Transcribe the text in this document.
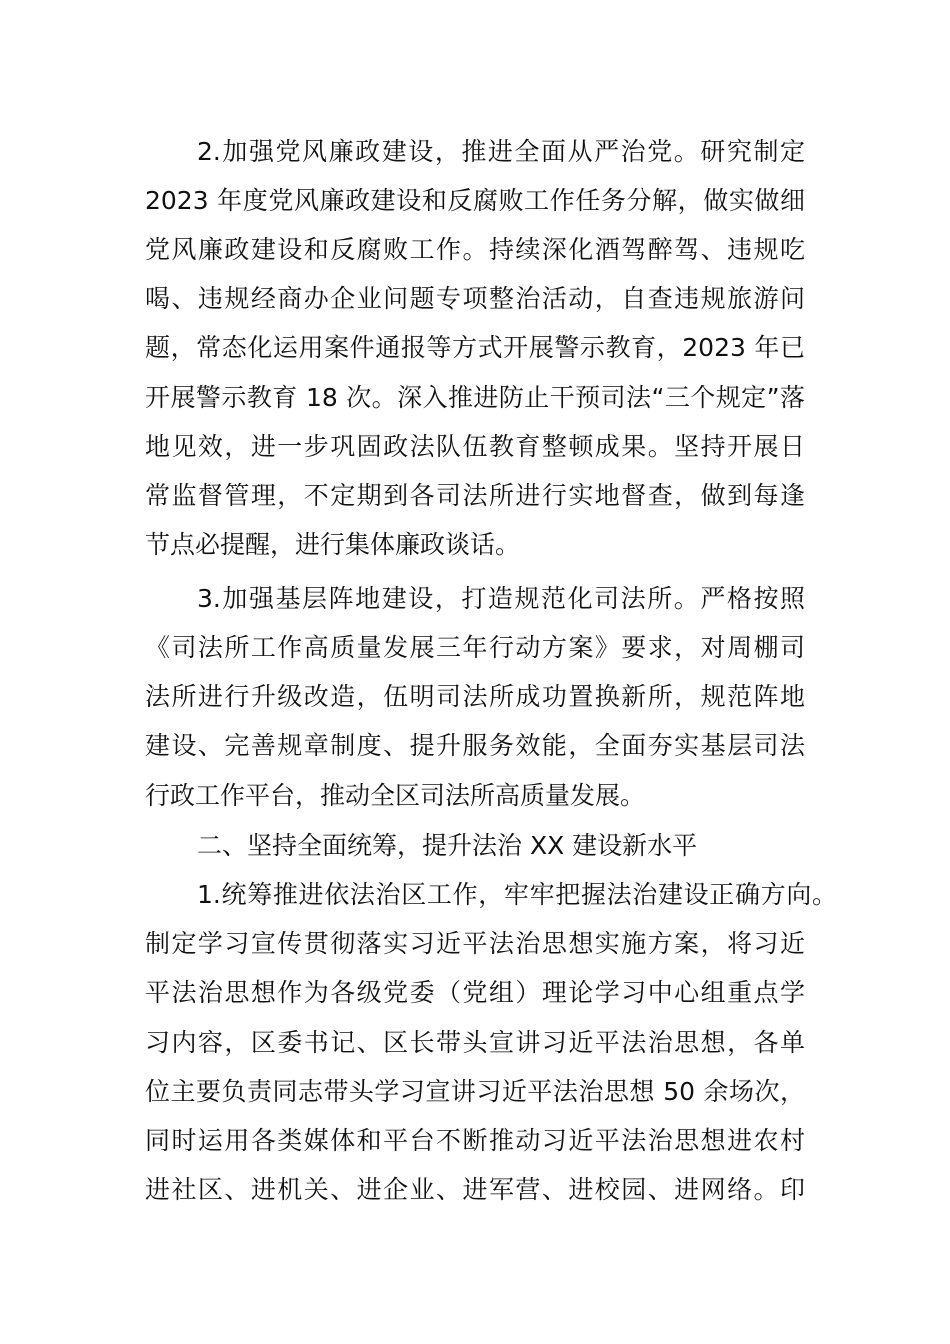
2.加强党风廉政建设，推进全面从严治党。研究制定
2023 年度党风廉政建设和反腐败工作任务分解，做实做细
党风廉政建设和反腐败工作。持续深化酒驾醉驾、违规吃
喝、违规经商办企业问题专项整治活动，自查违规旅游问
题，常态化运用案件通报等方式开展警示教育，2023 年已
开展警示教育 18 次。深入推进防止干预司法“三个规定”落
地见效，进一步巩固政法队伍教育整顿成果。坚持开展日
常监督管理，不定期到各司法所进行实地督查，做到每逢
节点必提醒，进行集体廉政谈话。
3.加强基层阵地建设，打造规范化司法所。严格按照
《司法所工作高质量发展三年行动方案》要求，对周棚司
法所进行升级改造，伍明司法所成功置换新所，规范阵地
建设、完善规章制度、提升服务效能，全面夯实基层司法
行政工作平台，推动全区司法所高质量发展。
二、坚持全面统筹，提升法治 XX 建设新水平
1.统筹推进依法治区工作，牢牢把握法治建设正确方向。
制定学习宣传贯彻落实习近平法治思想实施方案，将习近
平法治思想作为各级党委（党组）理论学习中心组重点学
习内容，区委书记、区长带头宣讲习近平法治思想，各单
位主要负责同志带头学习宣讲习近平法治思想 50 余场次，
同时运用各类媒体和平台不断推动习近平法治思想进农村
进社区、进机关、进企业、进军营、进校园、进网络。印
